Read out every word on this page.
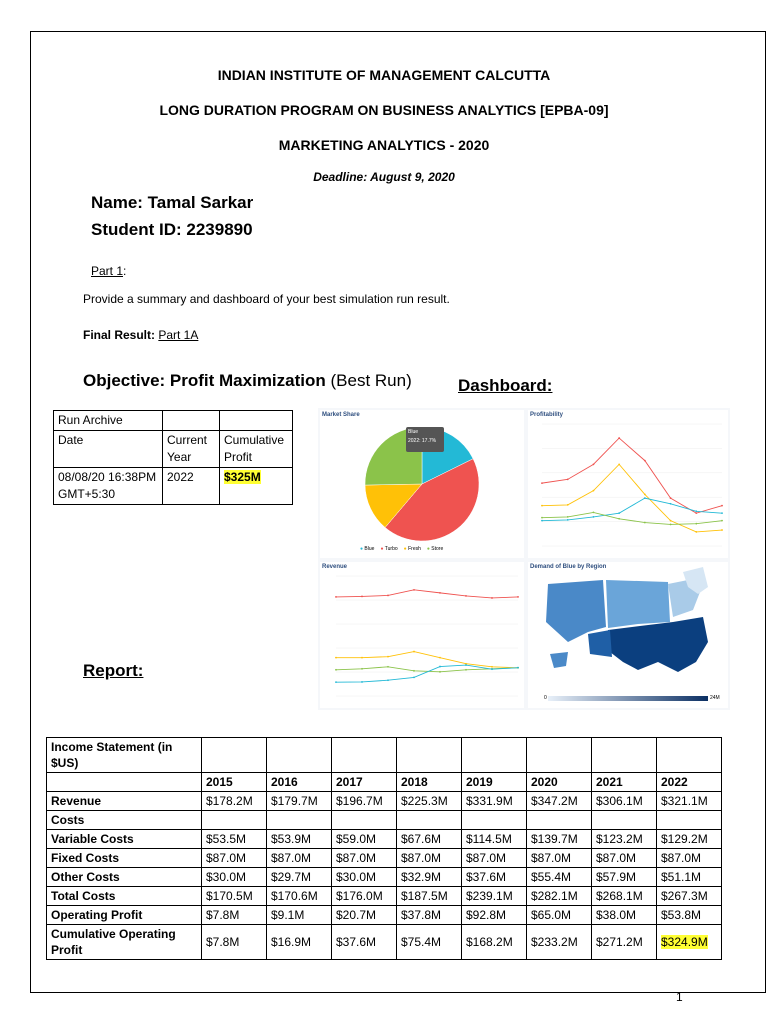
INDIAN INSTITUTE OF MANAGEMENT CALCUTTA
LONG DURATION PROGRAM ON BUSINESS ANALYTICS [EPBA-09]
MARKETING ANALYTICS - 2020
Deadline: August 9, 2020
Name: Tamal Sarkar
Student ID: 2239890
Part 1:
Provide a summary and dashboard of your best simulation run result.
Final Result: Part 1A
Objective: Profit Maximization (Best Run)	Dashboard:
Run Archive		
Date	Current Year	Cumulative Profit
08/08/20 16:38PM GMT+5:30	2022	$325M
Report:
Market Share
Blue
2022: 17.7%
● Blue ● Turbo ● Fresh ● Store
Profitability
Revenue	Demand of Blue by Region
0	24M
Income Statement (in $US)								
	2015	2016	2017	2018	2019	2020	2021	2022
Revenue	$178.2M	$179.7M	$196.7M	$225.3M	$331.9M	$347.2M	$306.1M	$321.1M
Costs								
Variable Costs	$53.5M	$53.9M	$59.0M	$67.6M	$114.5M	$139.7M	$123.2M	$129.2M
Fixed Costs	$87.0M	$87.0M	$87.0M	$87.0M	$87.0M	$87.0M	$87.0M	$87.0M
Other Costs	$30.0M	$29.7M	$30.0M	$32.9M	$37.6M	$55.4M	$57.9M	$51.1M
Total Costs	$170.5M	$170.6M	$176.0M	$187.5M	$239.1M	$282.1M	$268.1M	$267.3M
Operating Profit	$7.8M	$9.1M	$20.7M	$37.8M	$92.8M	$65.0M	$38.0M	$53.8M
Cumulative Operating Profit	$7.8M	$16.9M	$37.6M	$75.4M	$168.2M	$233.2M	$271.2M	$324.9M
1
